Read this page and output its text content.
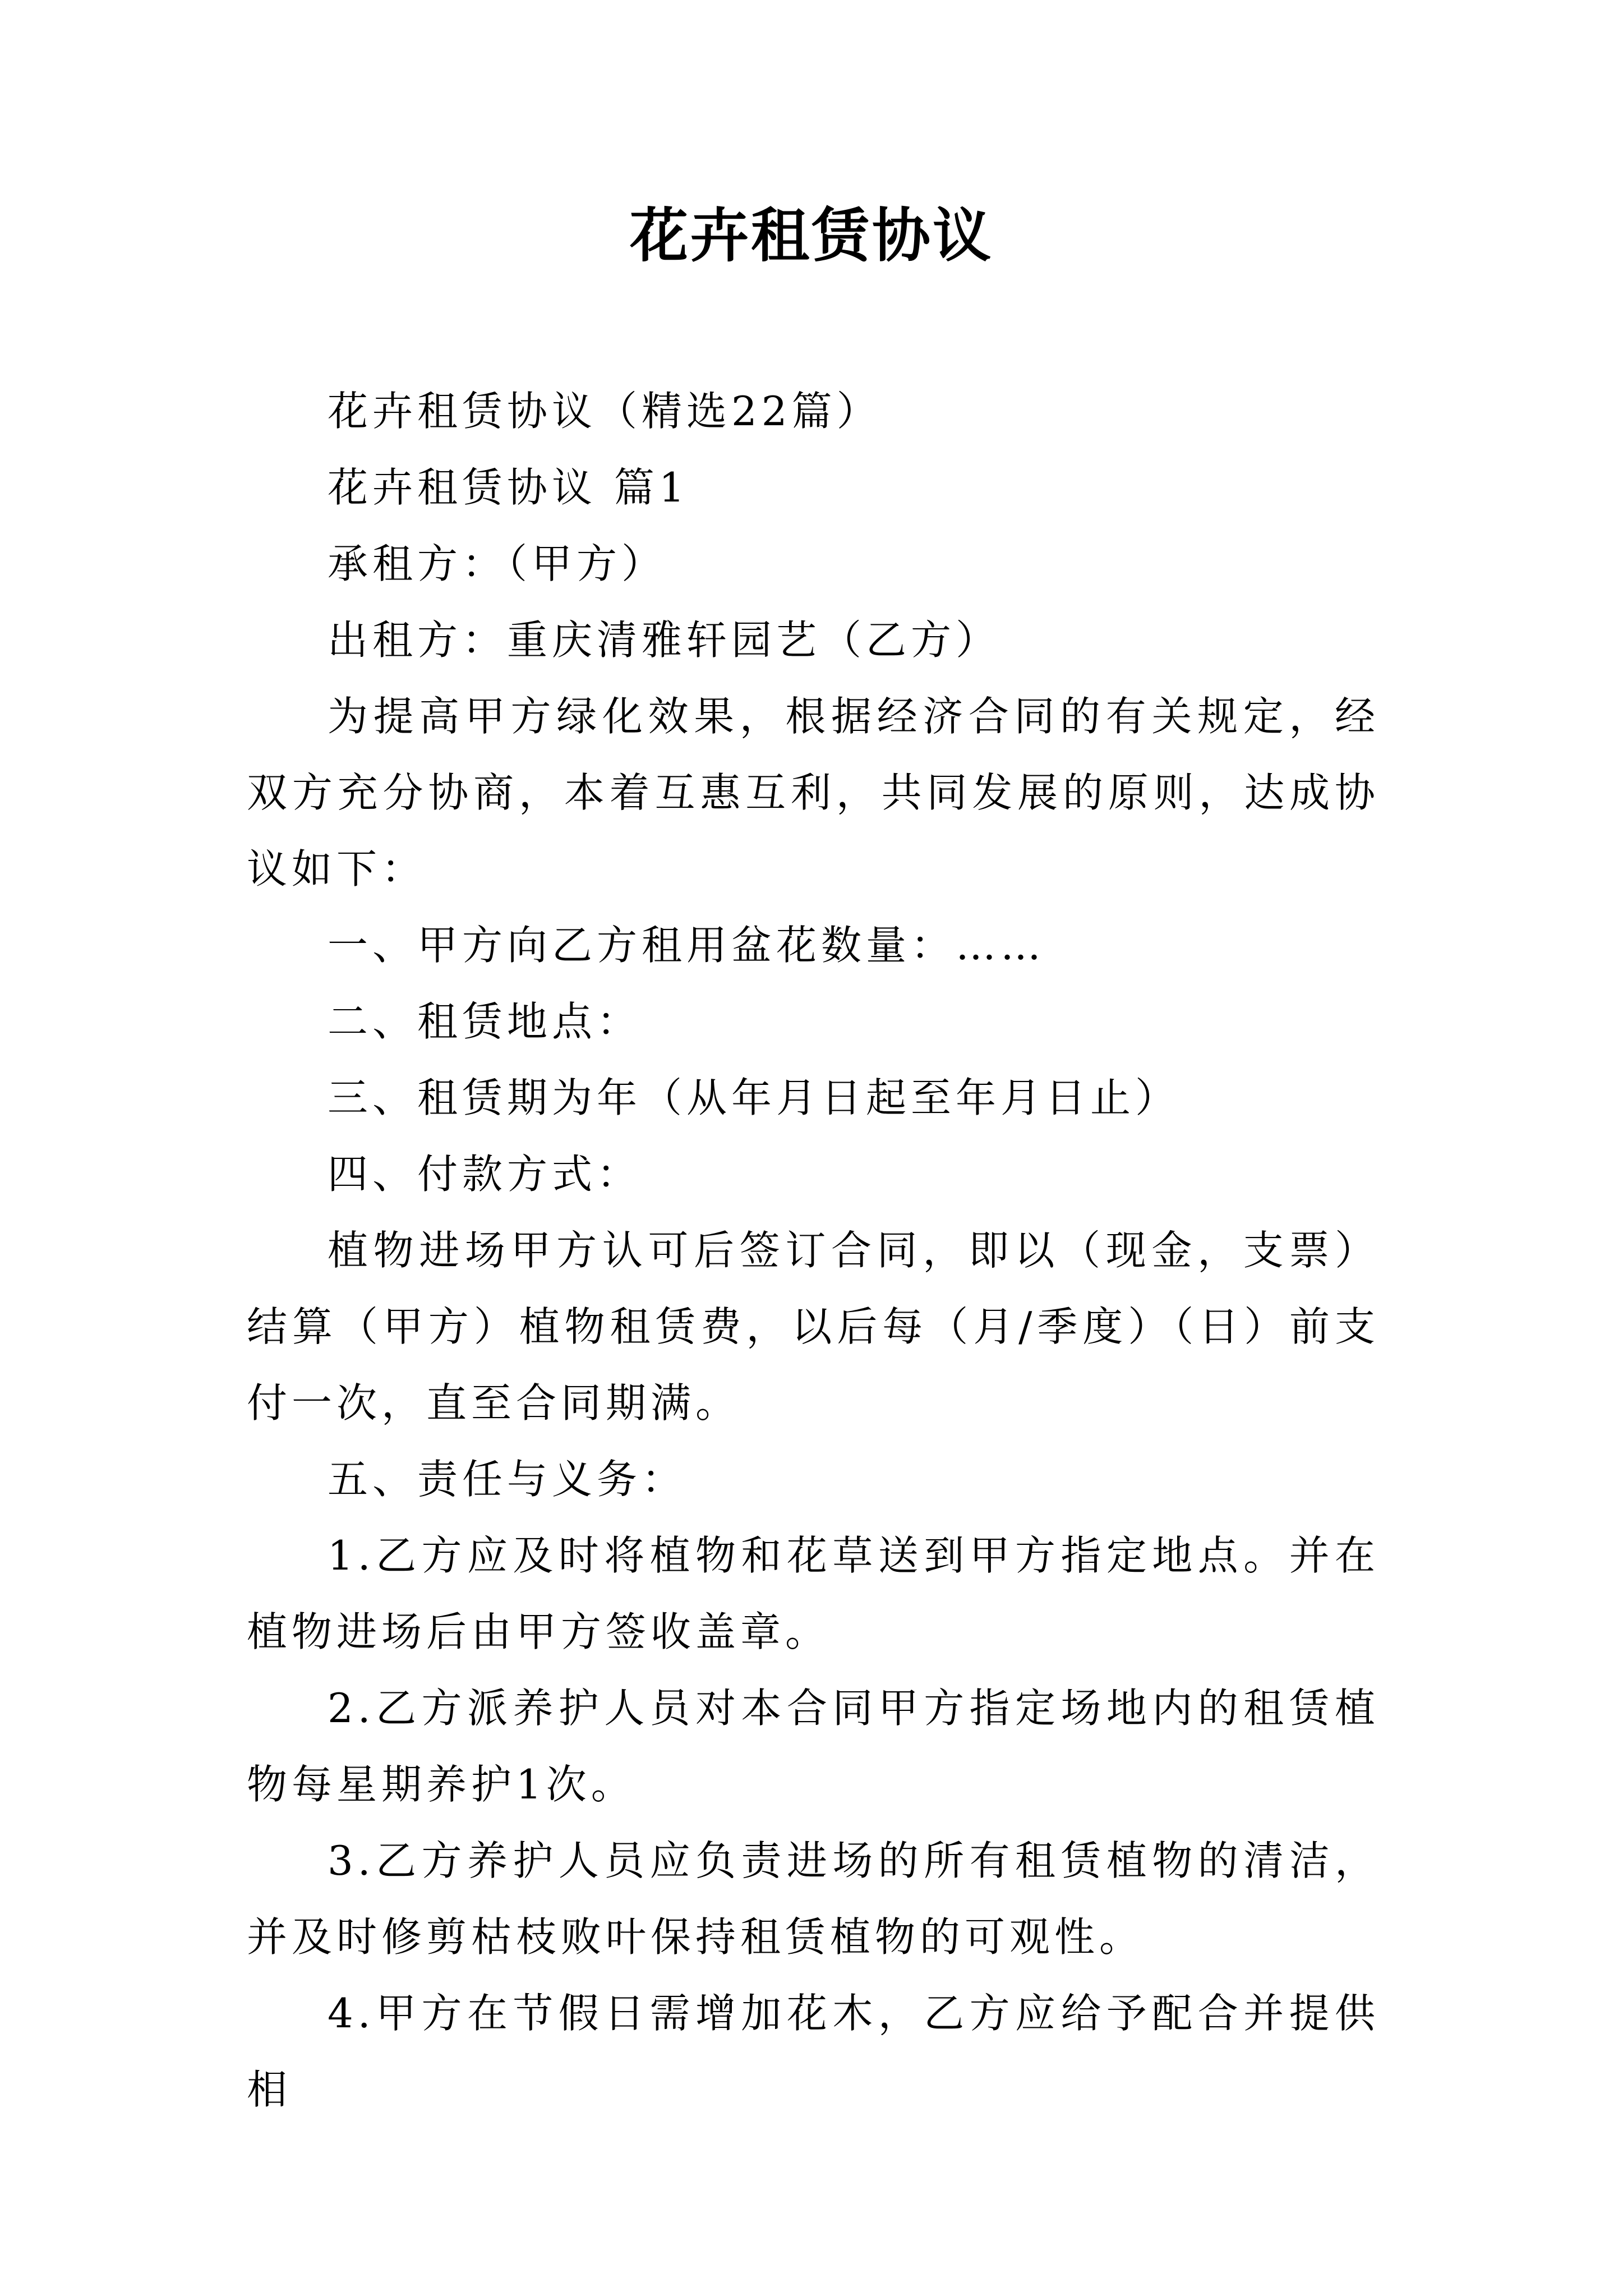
花卉租赁协议

花卉租赁协议（精选22篇）

花卉租赁协议 篇1

承租方：（甲方）

出租方：重庆清雅轩园艺（乙方）

为提高甲方绿化效果，根据经济合同的有关规定，经双方充分协商，本着互惠互利，共同发展的原则，达成协议如下：

一、甲方向乙方租用盆花数量：……

二、租赁地点：

三、租赁期为年（从年月日起至年月日止）

四、付款方式：

植物进场甲方认可后签订合同，即以（现金，支票）结算（甲方）植物租赁费，以后每（月/季度）（日）前支付一次，直至合同期满。

五、责任与义务：

1.乙方应及时将植物和花草送到甲方指定地点。并在植物进场后由甲方签收盖章。

2.乙方派养护人员对本合同甲方指定场地内的租赁植物每星期养护1次。

3.乙方养护人员应负责进场的所有租赁植物的清洁，并及时修剪枯枝败叶保持租赁植物的可观性。

4.甲方在节假日需增加花木，乙方应给予配合并提供相
